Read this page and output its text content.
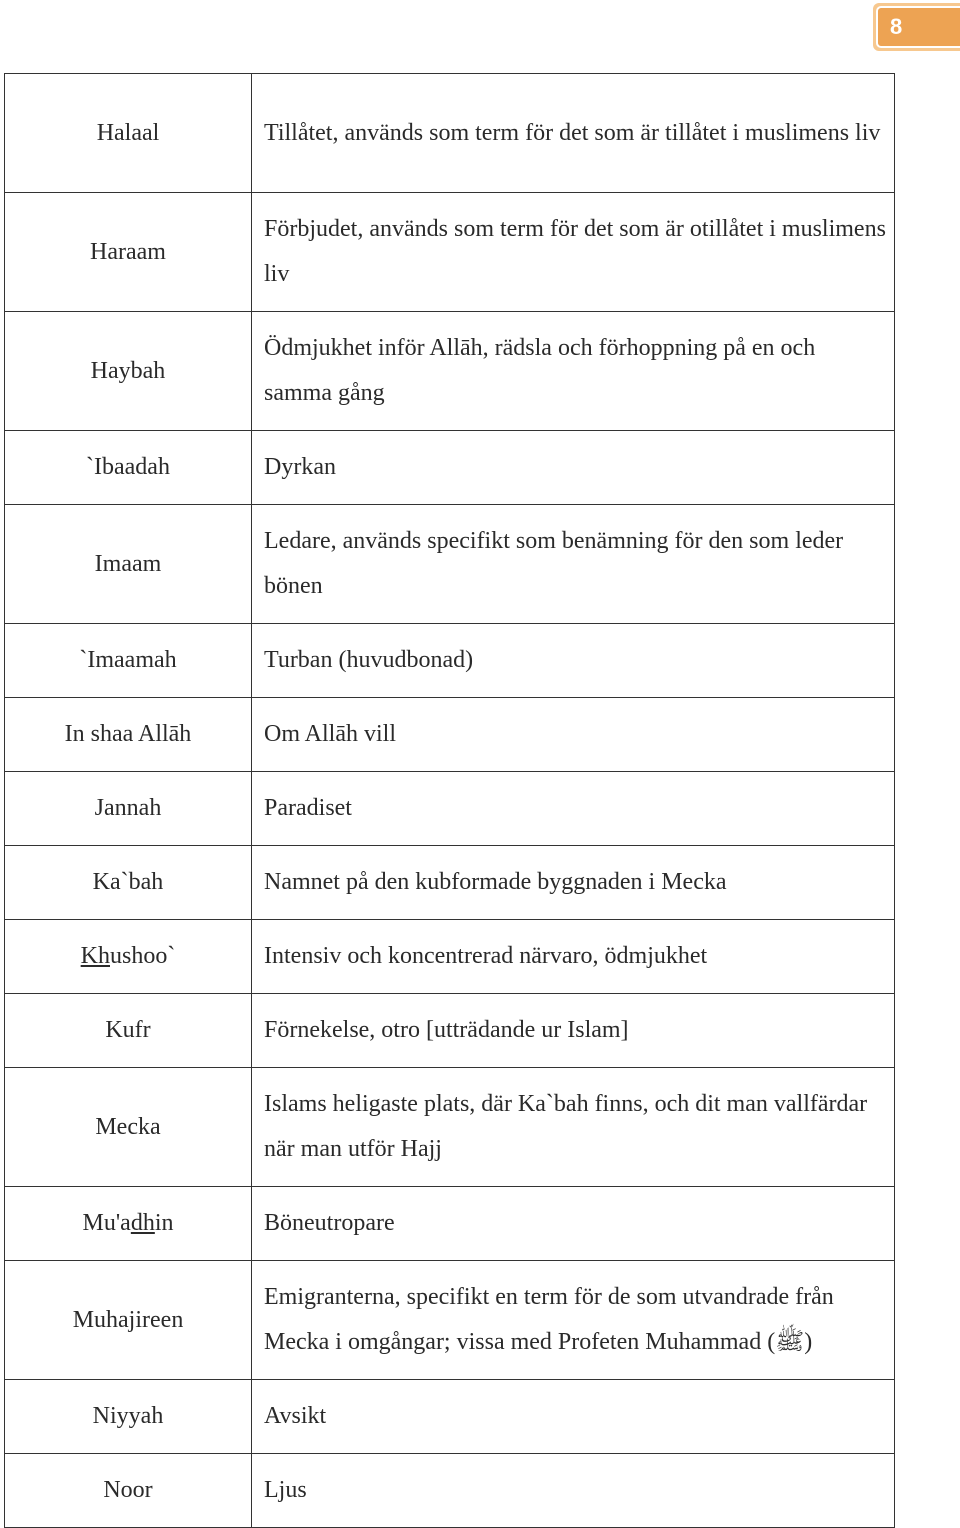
8
Halaal	Tillåtet, används som term för det som är tillåtet i muslimens liv
Haraam	Förbjudet, används som term för det som är otillåtet i muslimens liv
Haybah	Ödmjukhet inför Allāh, rädsla och förhoppning på en och samma gång
`Ibaadah	Dyrkan
Imaam	Ledare, används specifikt som benämning för den som leder bönen
`Imaamah	Turban (huvudbonad)
In shaa Allāh	Om Allāh vill
Jannah	Paradiset
Ka`bah	Namnet på den kubformade byggnaden i Mecka
Khushoo`	Intensiv och koncentrerad närvaro, ödmjukhet
Kufr	Förnekelse, otro [utträdande ur Islam]
Mecka	Islams heligaste plats, där Ka`bah finns, och dit man vallfärdar när man utför Hajj
Mu'adhin	Böneutropare
Muhajireen	Emigranterna, specifikt en term för de som utvandrade från Mecka i omgångar; vissa med Profeten Muhammad (ﷺ)
Niyyah	Avsikt
Noor	Ljus
